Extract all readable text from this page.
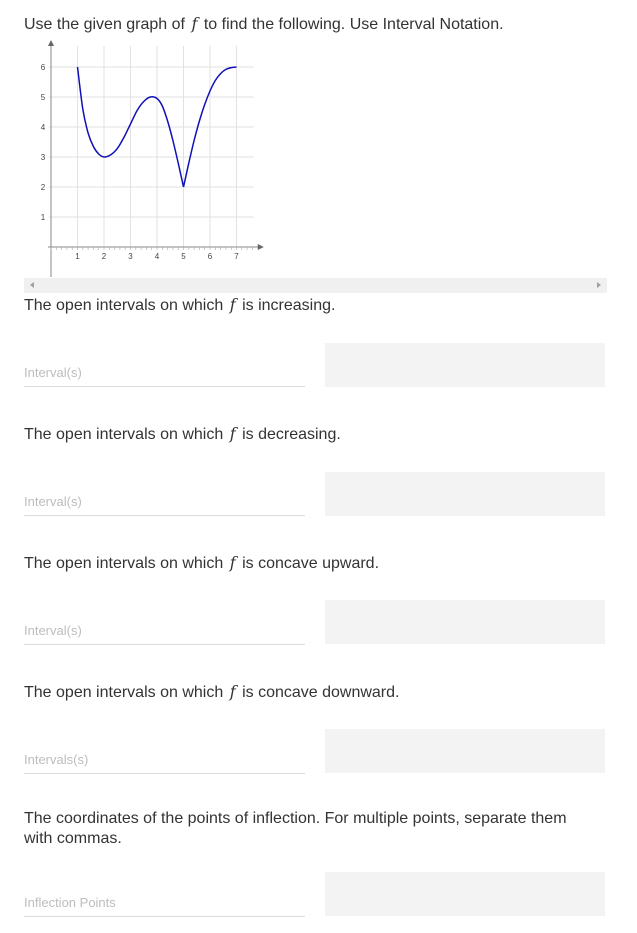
Use the given graph of f to find the following. Use Interval Notation.
1	2	3	4	5	6	7
1
2
3
4
5
6
The open intervals on which f is increasing.
Interval(s)
The open intervals on which f is decreasing.
Interval(s)
The open intervals on which f is concave upward.
Interval(s)
The open intervals on which f is concave downward.
Intervals(s)
The coordinates of the points of inflection. For multiple points, separate them with commas.
Inflection Points
